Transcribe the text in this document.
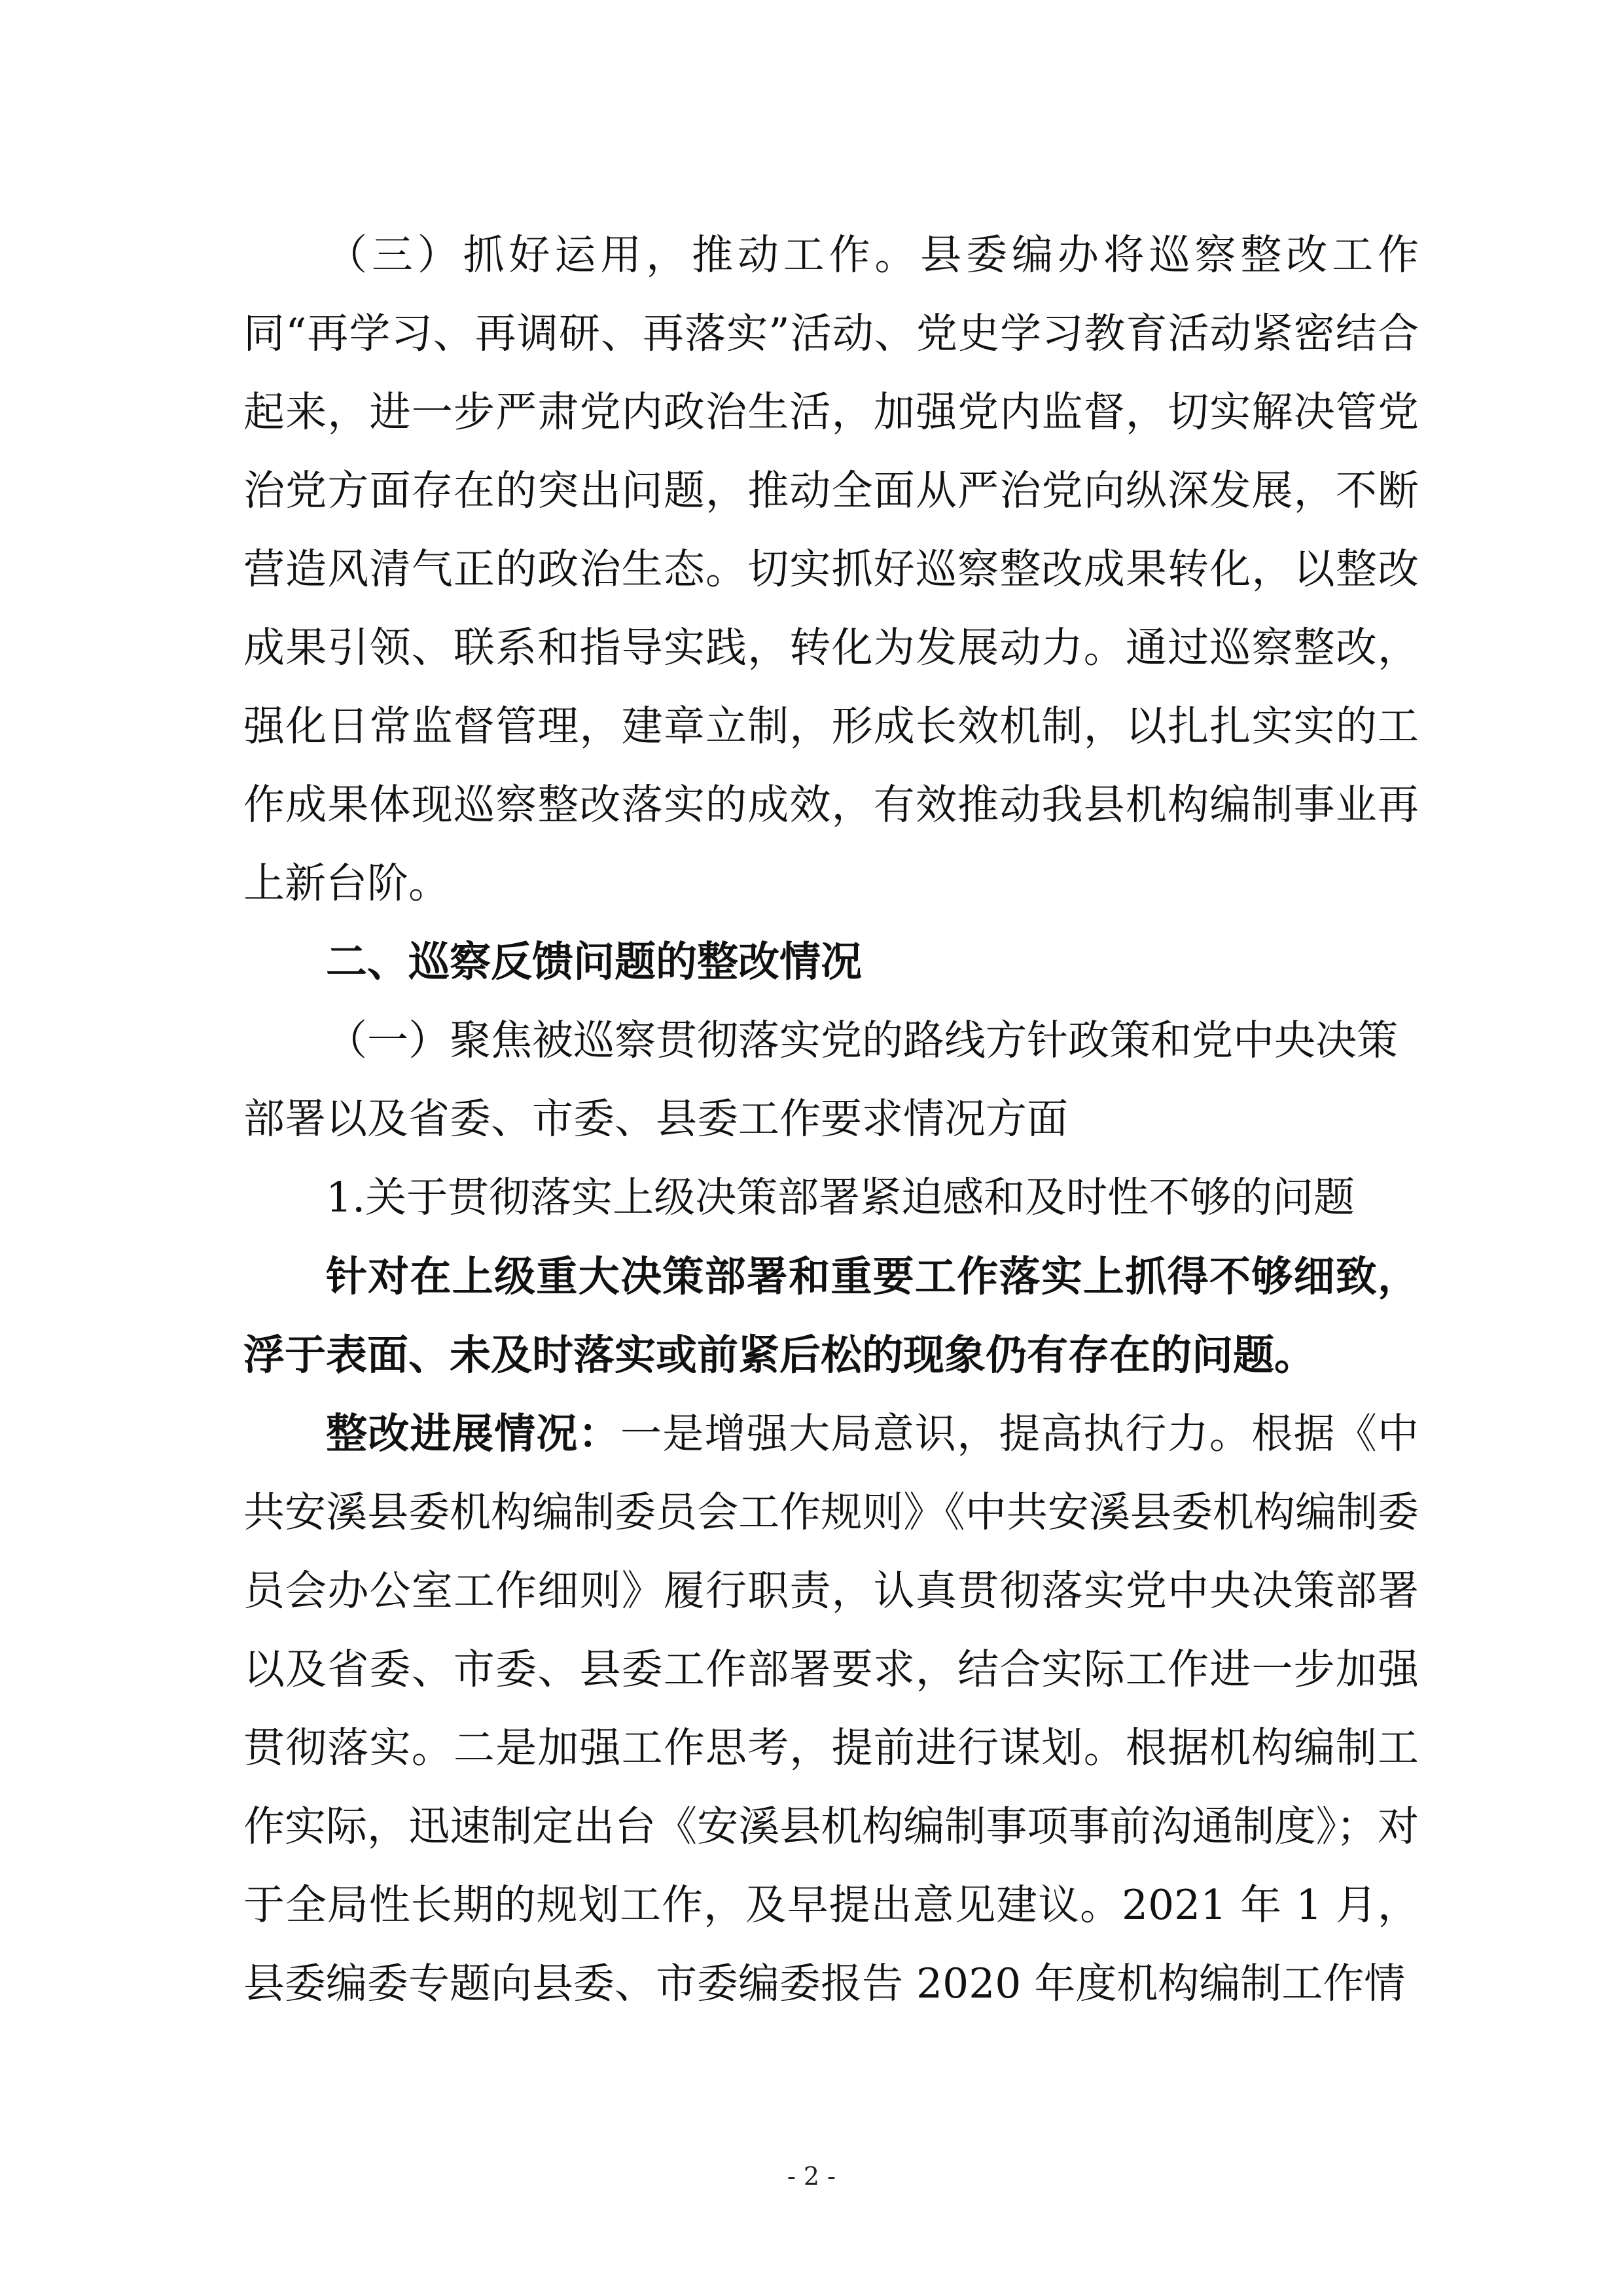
（三）抓好运用，推动工作。县委编办将巡察整改工作同“再学习、再调研、再落实”活动、党史学习教育活动紧密结合起来，进一步严肃党内政治生活，加强党内监督，切实解决管党治党方面存在的突出问题，推动全面从严治党向纵深发展，不断营造风清气正的政治生态。切实抓好巡察整改成果转化，以整改成果引领、联系和指导实践，转化为发展动力。通过巡察整改，强化日常监督管理，建章立制，形成长效机制，以扎扎实实的工作成果体现巡察整改落实的成效，有效推动我县机构编制事业再上新台阶。

二、巡察反馈问题的整改情况

（一）聚焦被巡察贯彻落实党的路线方针政策和党中央决策部署以及省委、市委、县委工作要求情况方面

1.关于贯彻落实上级决策部署紧迫感和及时性不够的问题

针对在上级重大决策部署和重要工作落实上抓得不够细致，浮于表面、未及时落实或前紧后松的现象仍有存在的问题。

整改进展情况：一是增强大局意识，提高执行力。根据《中共安溪县委机构编制委员会工作规则》《中共安溪县委机构编制委员会办公室工作细则》履行职责，认真贯彻落实党中央决策部署以及省委、市委、县委工作部署要求，结合实际工作进一步加强贯彻落实。二是加强工作思考，提前进行谋划。根据机构编制工作实际，迅速制定出台《安溪县机构编制事项事前沟通制度》；对于全局性长期的规划工作，及早提出意见建议。2021 年 1 月，县委编委专题向县委、市委编委报告 2020 年度机构编制工作情

- 2 -
